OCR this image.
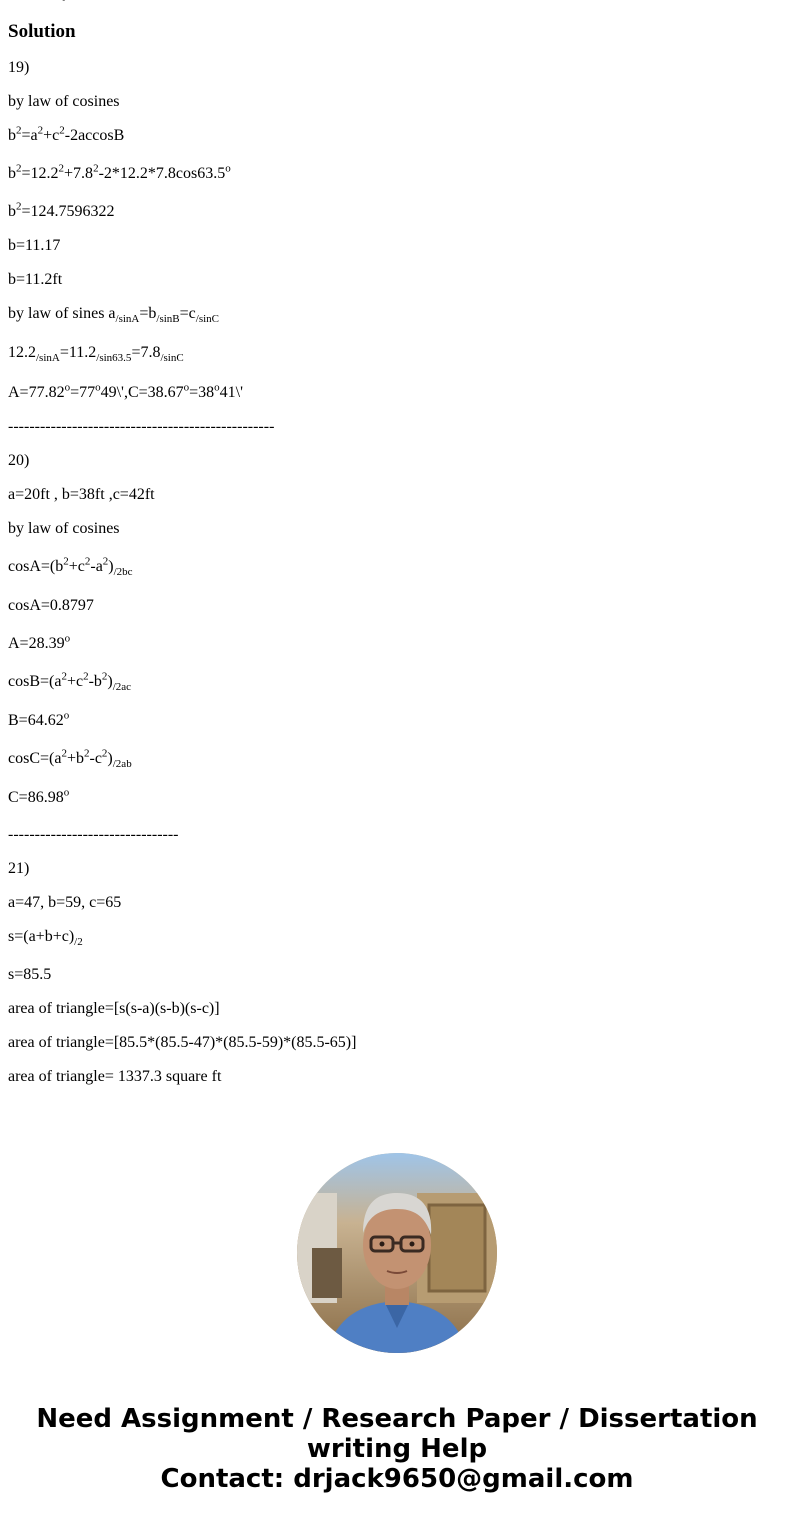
Solution

19)

by law of cosines

$b^2=a^2+c^2-2accosB$

$b^2=12.2^2+7.8^2-2*12.2*7.8\cos 63.5^o$

$b^2=124.7596322$

b=11.17

b=11.2ft

by law of sines $a_{/sinA}=b_{/sinB}=c_{/sinC}$

$12.2_{/sinA}=11.2_{/sin63.5}=7.8_{/sinC}$

$A=77.82^o=77^o49\backslash',C=38.67^o=38^o41\backslash'$

--------------------------------------------------

20)

a=20ft , b=38ft ,c=42ft

by law of cosines

$\cos A=(b^2+c^2-a^2)_{/2bc}$

cosA=0.8797

$A=28.39^o$

$\cos B=(a^2+c^2-b^2)_{/2ac}$

$B=64.62^o$

$\cos C=(a^2+b^2-c^2)_{/2ab}$

$C=86.98^o$

--------------------------------

21)

a=47, b=59, c=65

$s=(a+b+c)_{/2}$

s=85.5

area of triangle=[s(s-a)(s-b)(s-c)]

area of triangle=[85.5*(85.5-47)*(85.5-59)*(85.5-65)]

area of triangle= 1337.3 square ft

Need Assignment / Research Paper / Dissertation
writing Help
Contact: drjack9650@gmail.com
